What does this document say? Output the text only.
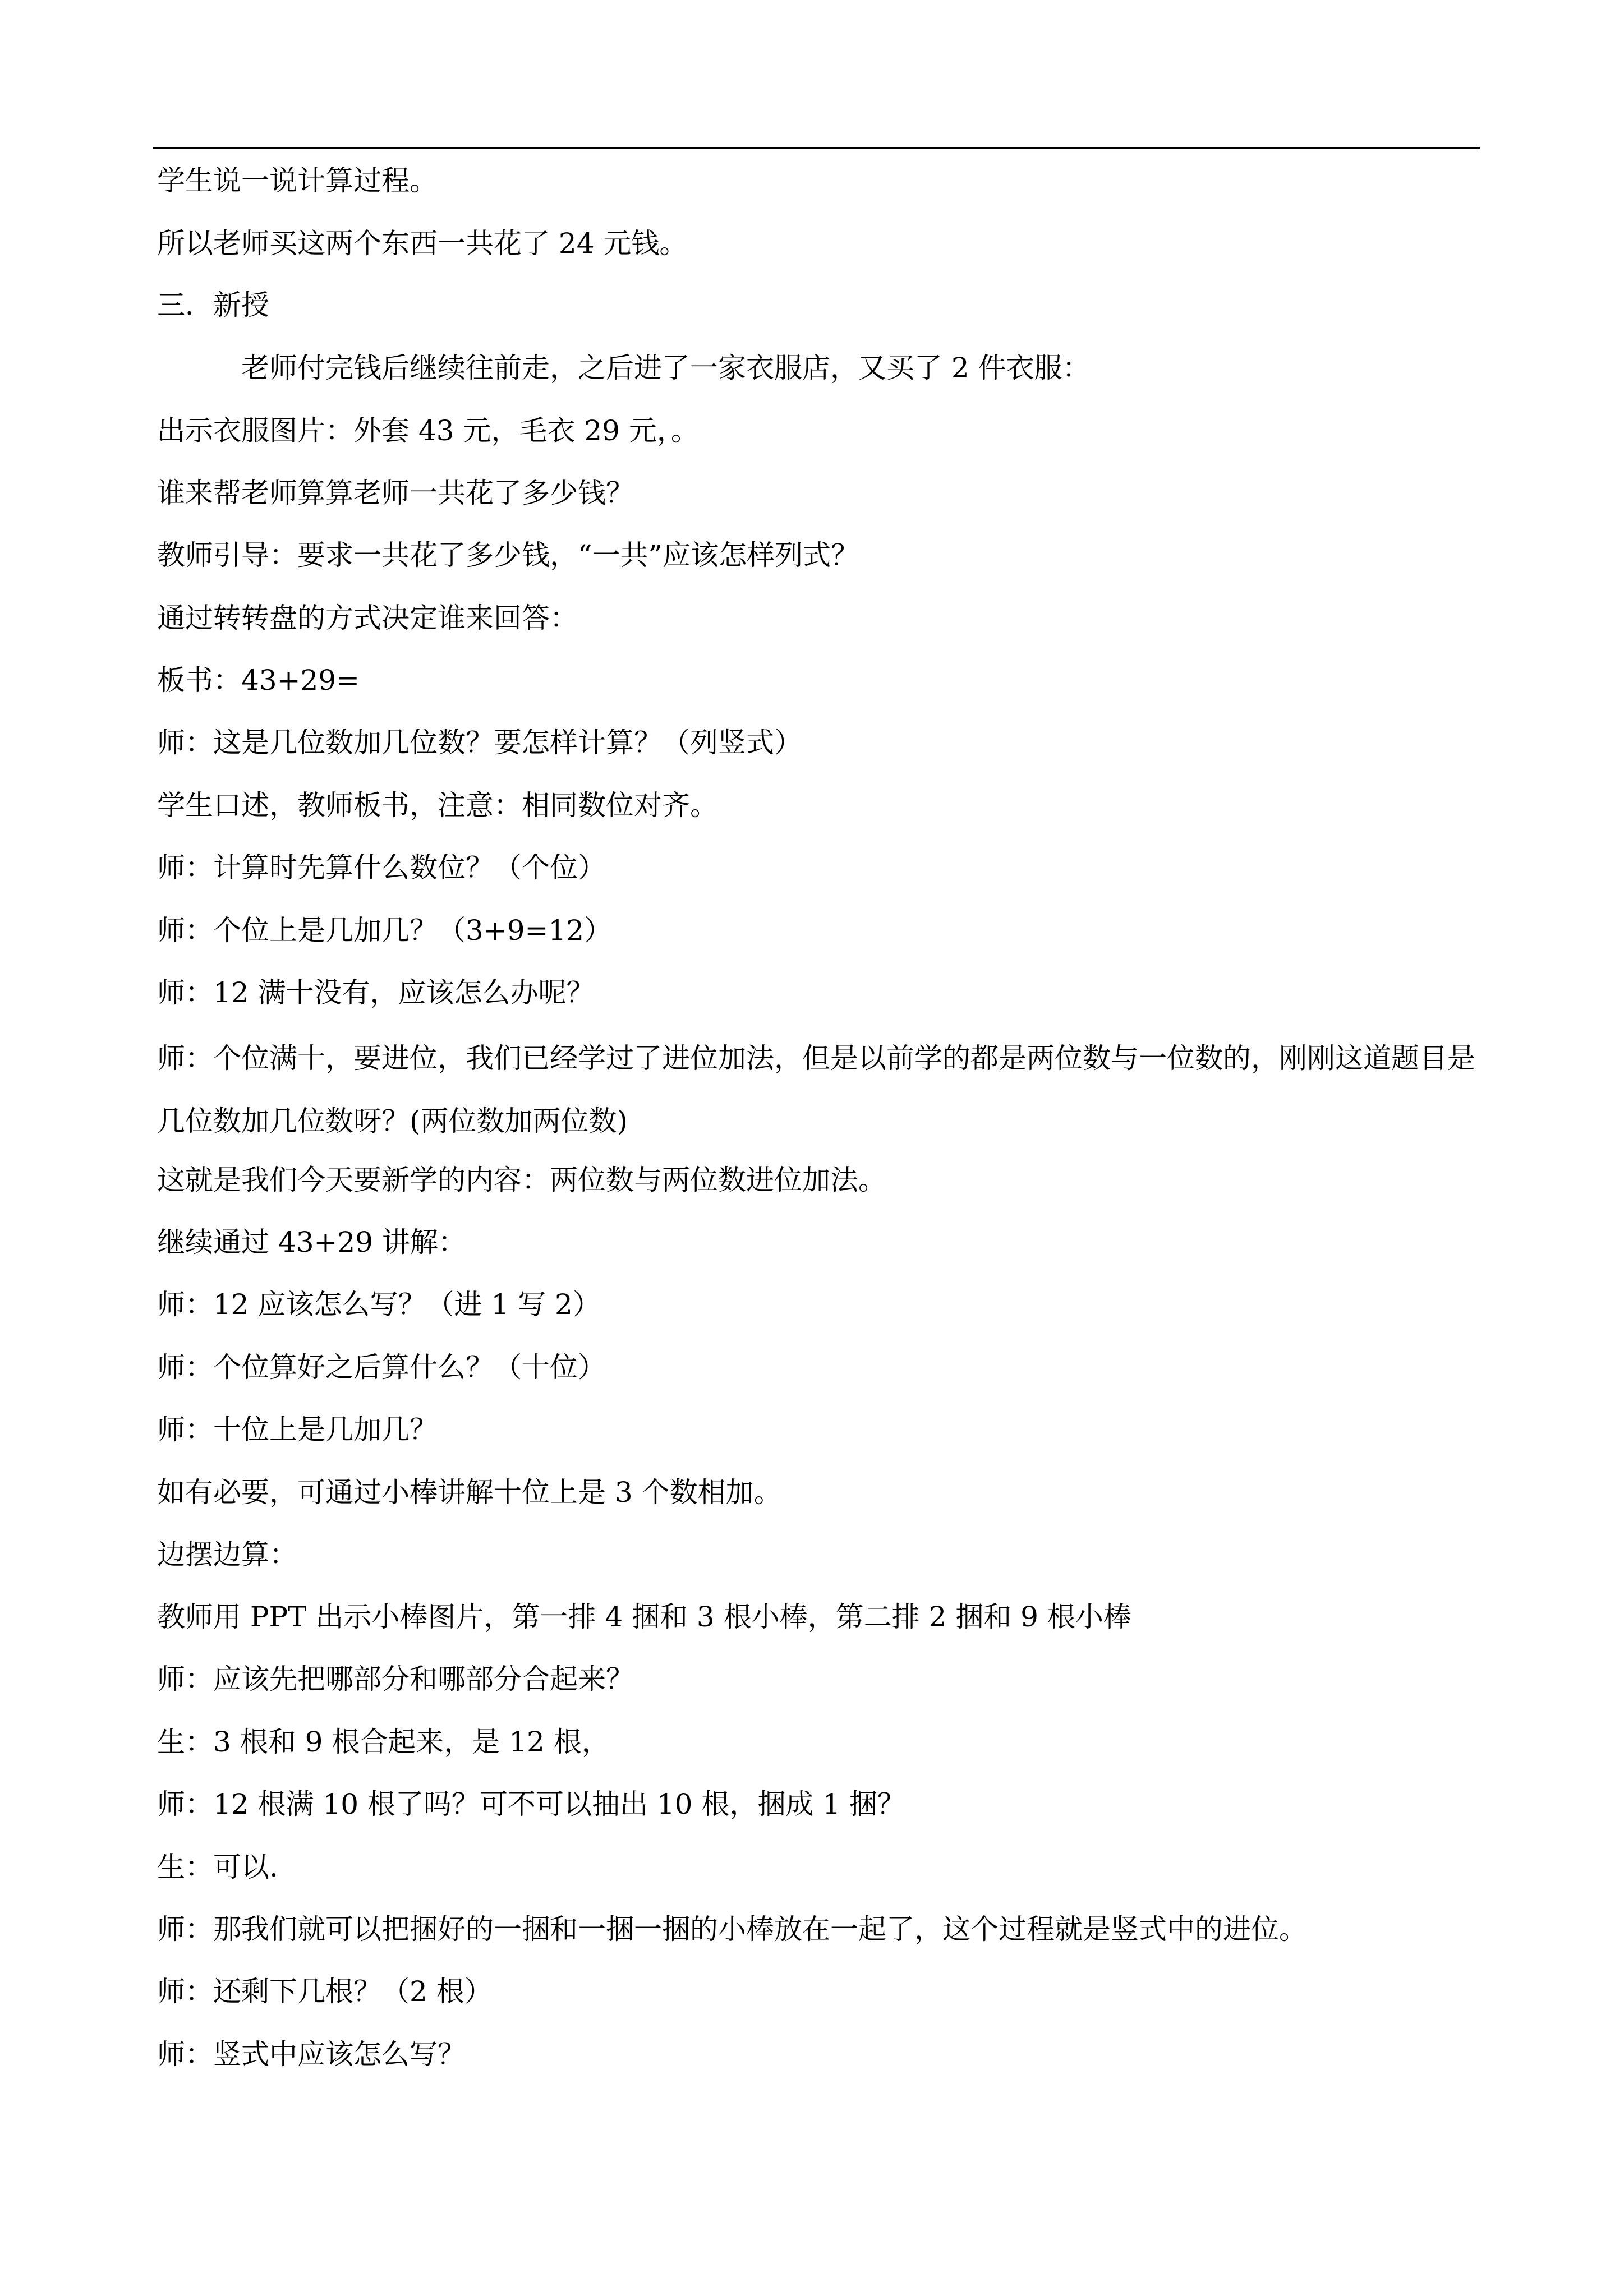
学生说一说计算过程。
所以老师买这两个东西一共花了 24 元钱。
三．新授
老师付完钱后继续往前走，之后进了一家衣服店，又买了 2 件衣服：
出示衣服图片：外套 43 元，毛衣 29 元，。
谁来帮老师算算老师一共花了多少钱？
教师引导：要求一共花了多少钱，“一共”应该怎样列式？
通过转转盘的方式决定谁来回答：
板书：43+29=
师：这是几位数加几位数？要怎样计算？（列竖式）
学生口述，教师板书，注意：相同数位对齐。
师：计算时先算什么数位？（个位）
师：个位上是几加几？（3+9=12）
师：12 满十没有，应该怎么办呢？
师：个位满十，要进位，我们已经学过了进位加法，但是以前学的都是两位数与一位数的，刚刚这道题目是几位数加几位数呀？(两位数加两位数)
这就是我们今天要新学的内容：两位数与两位数进位加法。
继续通过 43+29 讲解：
师：12 应该怎么写？（进 1 写 2）
师：个位算好之后算什么？（十位）
师：十位上是几加几？
如有必要，可通过小棒讲解十位上是 3 个数相加。
边摆边算：
教师用 PPT 出示小棒图片，第一排 4 捆和 3 根小棒，第二排 2 捆和 9 根小棒
师：应该先把哪部分和哪部分合起来？
生：3 根和 9 根合起来，是 12 根，
师：12 根满 10 根了吗？可不可以抽出 10 根，捆成 1 捆？
生：可以.
师：那我们就可以把捆好的一捆和一捆一捆的小棒放在一起了，这个过程就是竖式中的进位。
师：还剩下几根？（2 根）
师：竖式中应该怎么写？
